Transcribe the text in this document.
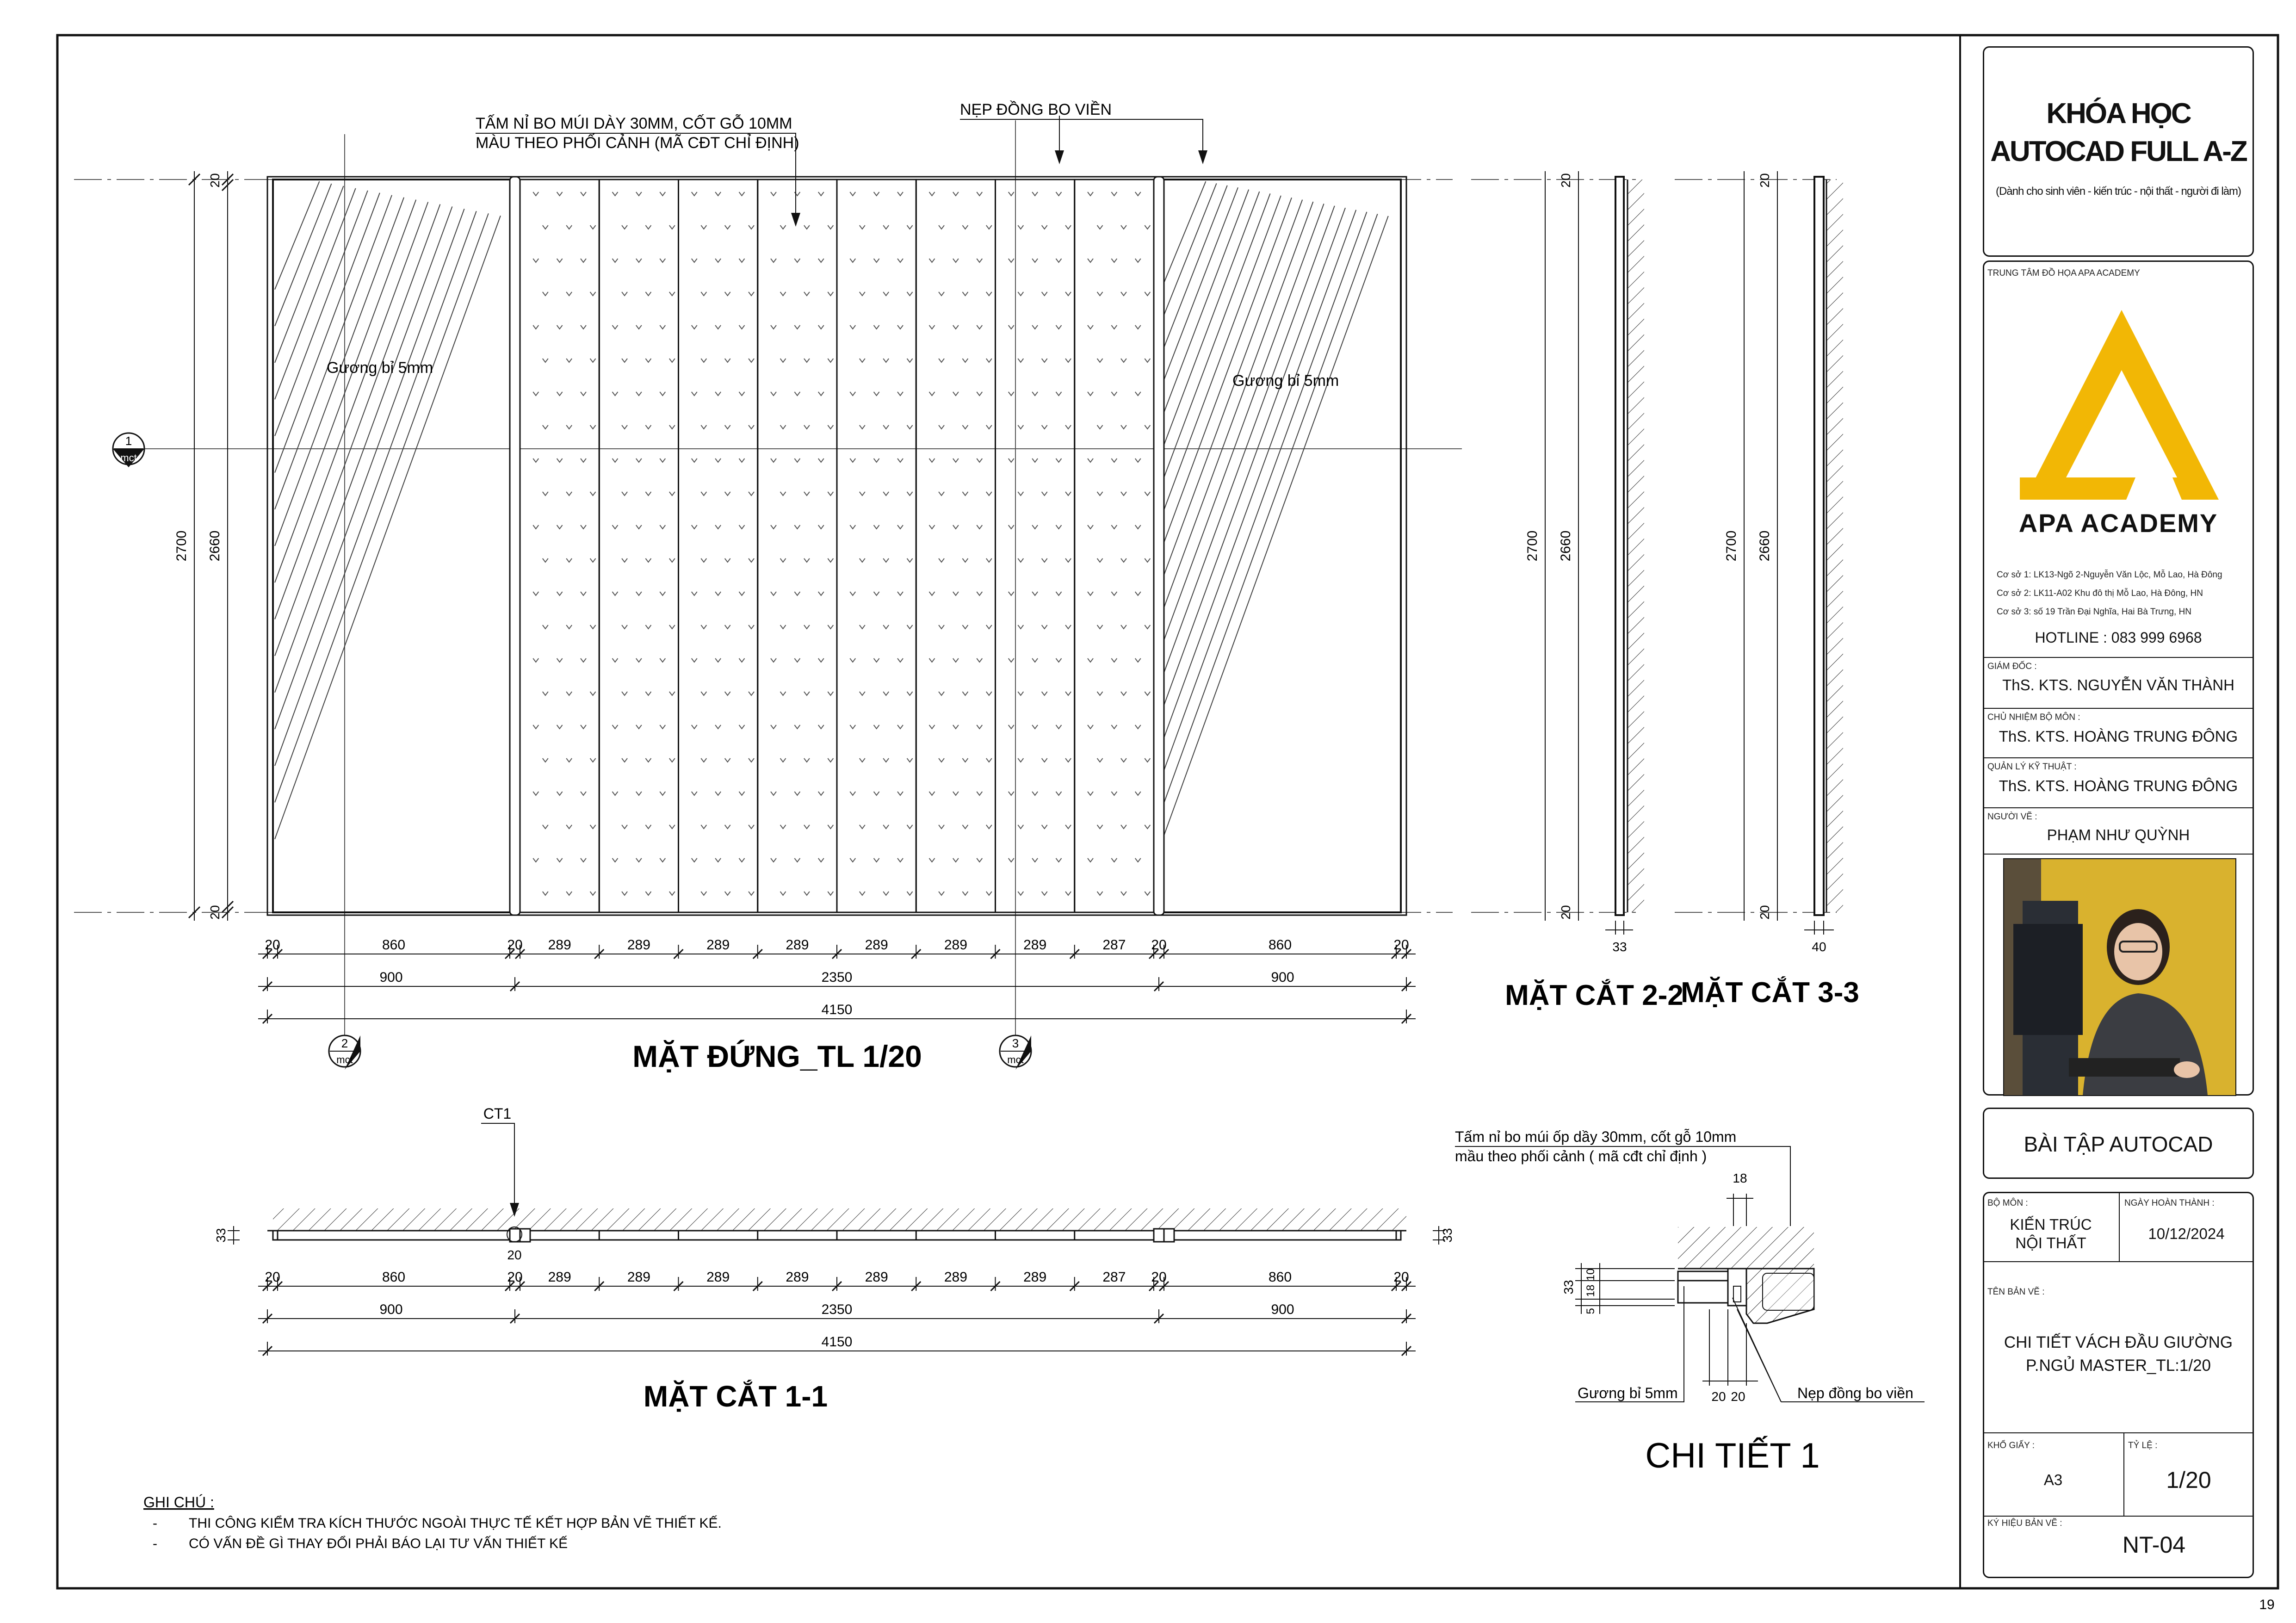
19
TẤM NỈ BO MÚI DÀY 30MM, CỐT GỖ 10MM
MÀU THEO PHỐI CẢNH (MÃ CĐT CHỈ ĐỊNH)
NẸP ĐỒNG BO VIỀN
Gương bỉ 5mm
Gương bỉ 5mm
2700 2660
20
20
20	860	20 289	289	289	289	289	289	289	287 20	860	20
900	2350	900
4150
1
mct
2
mct
3
mct
MẶT ĐỨNG_TL 1/20
2700 2660
20
20
33
MẶT CẮT 2-2
2700 2660
20
20
40
MẶT CẮT 3-3
33	33
CT1
20
20	860	20 289	289	289	289	289	289	289	287 20	860	20
900	2350	900
4150
MẶT CẮT 1-1
Tấm nỉ bo múi ốp dầy 30mm, cốt gỗ 10mm
mầu theo phối cảnh ( mã cđt chỉ định )
18
33
5
18
10
20 20
Gương bỉ 5mm	Nẹp đồng bo viền
CHI TIẾT 1
GHI CHÚ :
- THI CÔNG KIỂM TRA KÍCH THƯỚC NGOÀI THỰC TẾ KẾT HỢP BẢN VẼ THIẾT KẾ.
- CÓ VẤN ĐỀ GÌ THAY ĐỔI PHẢI BÁO LẠI TƯ VẤN THIẾT KẾ
KHÓA HỌC
AUTOCAD FULL A-Z
(Dành cho sinh viên - kiến trúc - nội thất - người đi làm)
TRUNG TÂM ĐỒ HỌA APA ACADEMY
APA ACADEMY
Cơ sở 1: LK13-Ngõ 2-Nguyễn Văn Lộc, Mỗ Lao, Hà Đông
Cơ sở 2: LK11-A02 Khu đô thị Mỗ Lao, Hà Đông, HN
Cơ sở 3: số 19 Trần Đại Nghĩa, Hai Bà Trưng, HN
HOTLINE : 083 999 6968
GIÁM ĐỐC :
ThS. KTS. NGUYỄN VĂN THÀNH
CHỦ NHIỆM BỘ MÔN :
ThS. KTS. HOÀNG TRUNG ĐÔNG
QUẢN LÝ KỸ THUẬT :
ThS. KTS. HOÀNG TRUNG ĐÔNG
NGƯỜI VẼ :
PHẠM NHƯ QUỲNH
BÀI TẬP AUTOCAD
BỘ MÔN :
KIẾN TRÚC
NỘI THẤT
NGÀY HOÀN THÀNH :
10/12/2024
TÊN BẢN VẼ :
CHI TIẾT VÁCH ĐẦU GIƯỜNG
P.NGỦ MASTER_TL:1/20
KHỔ GIẤY :
A3
TỶ LỆ :
1/20
KÝ HIỆU BẢN VẼ :
NT-04
